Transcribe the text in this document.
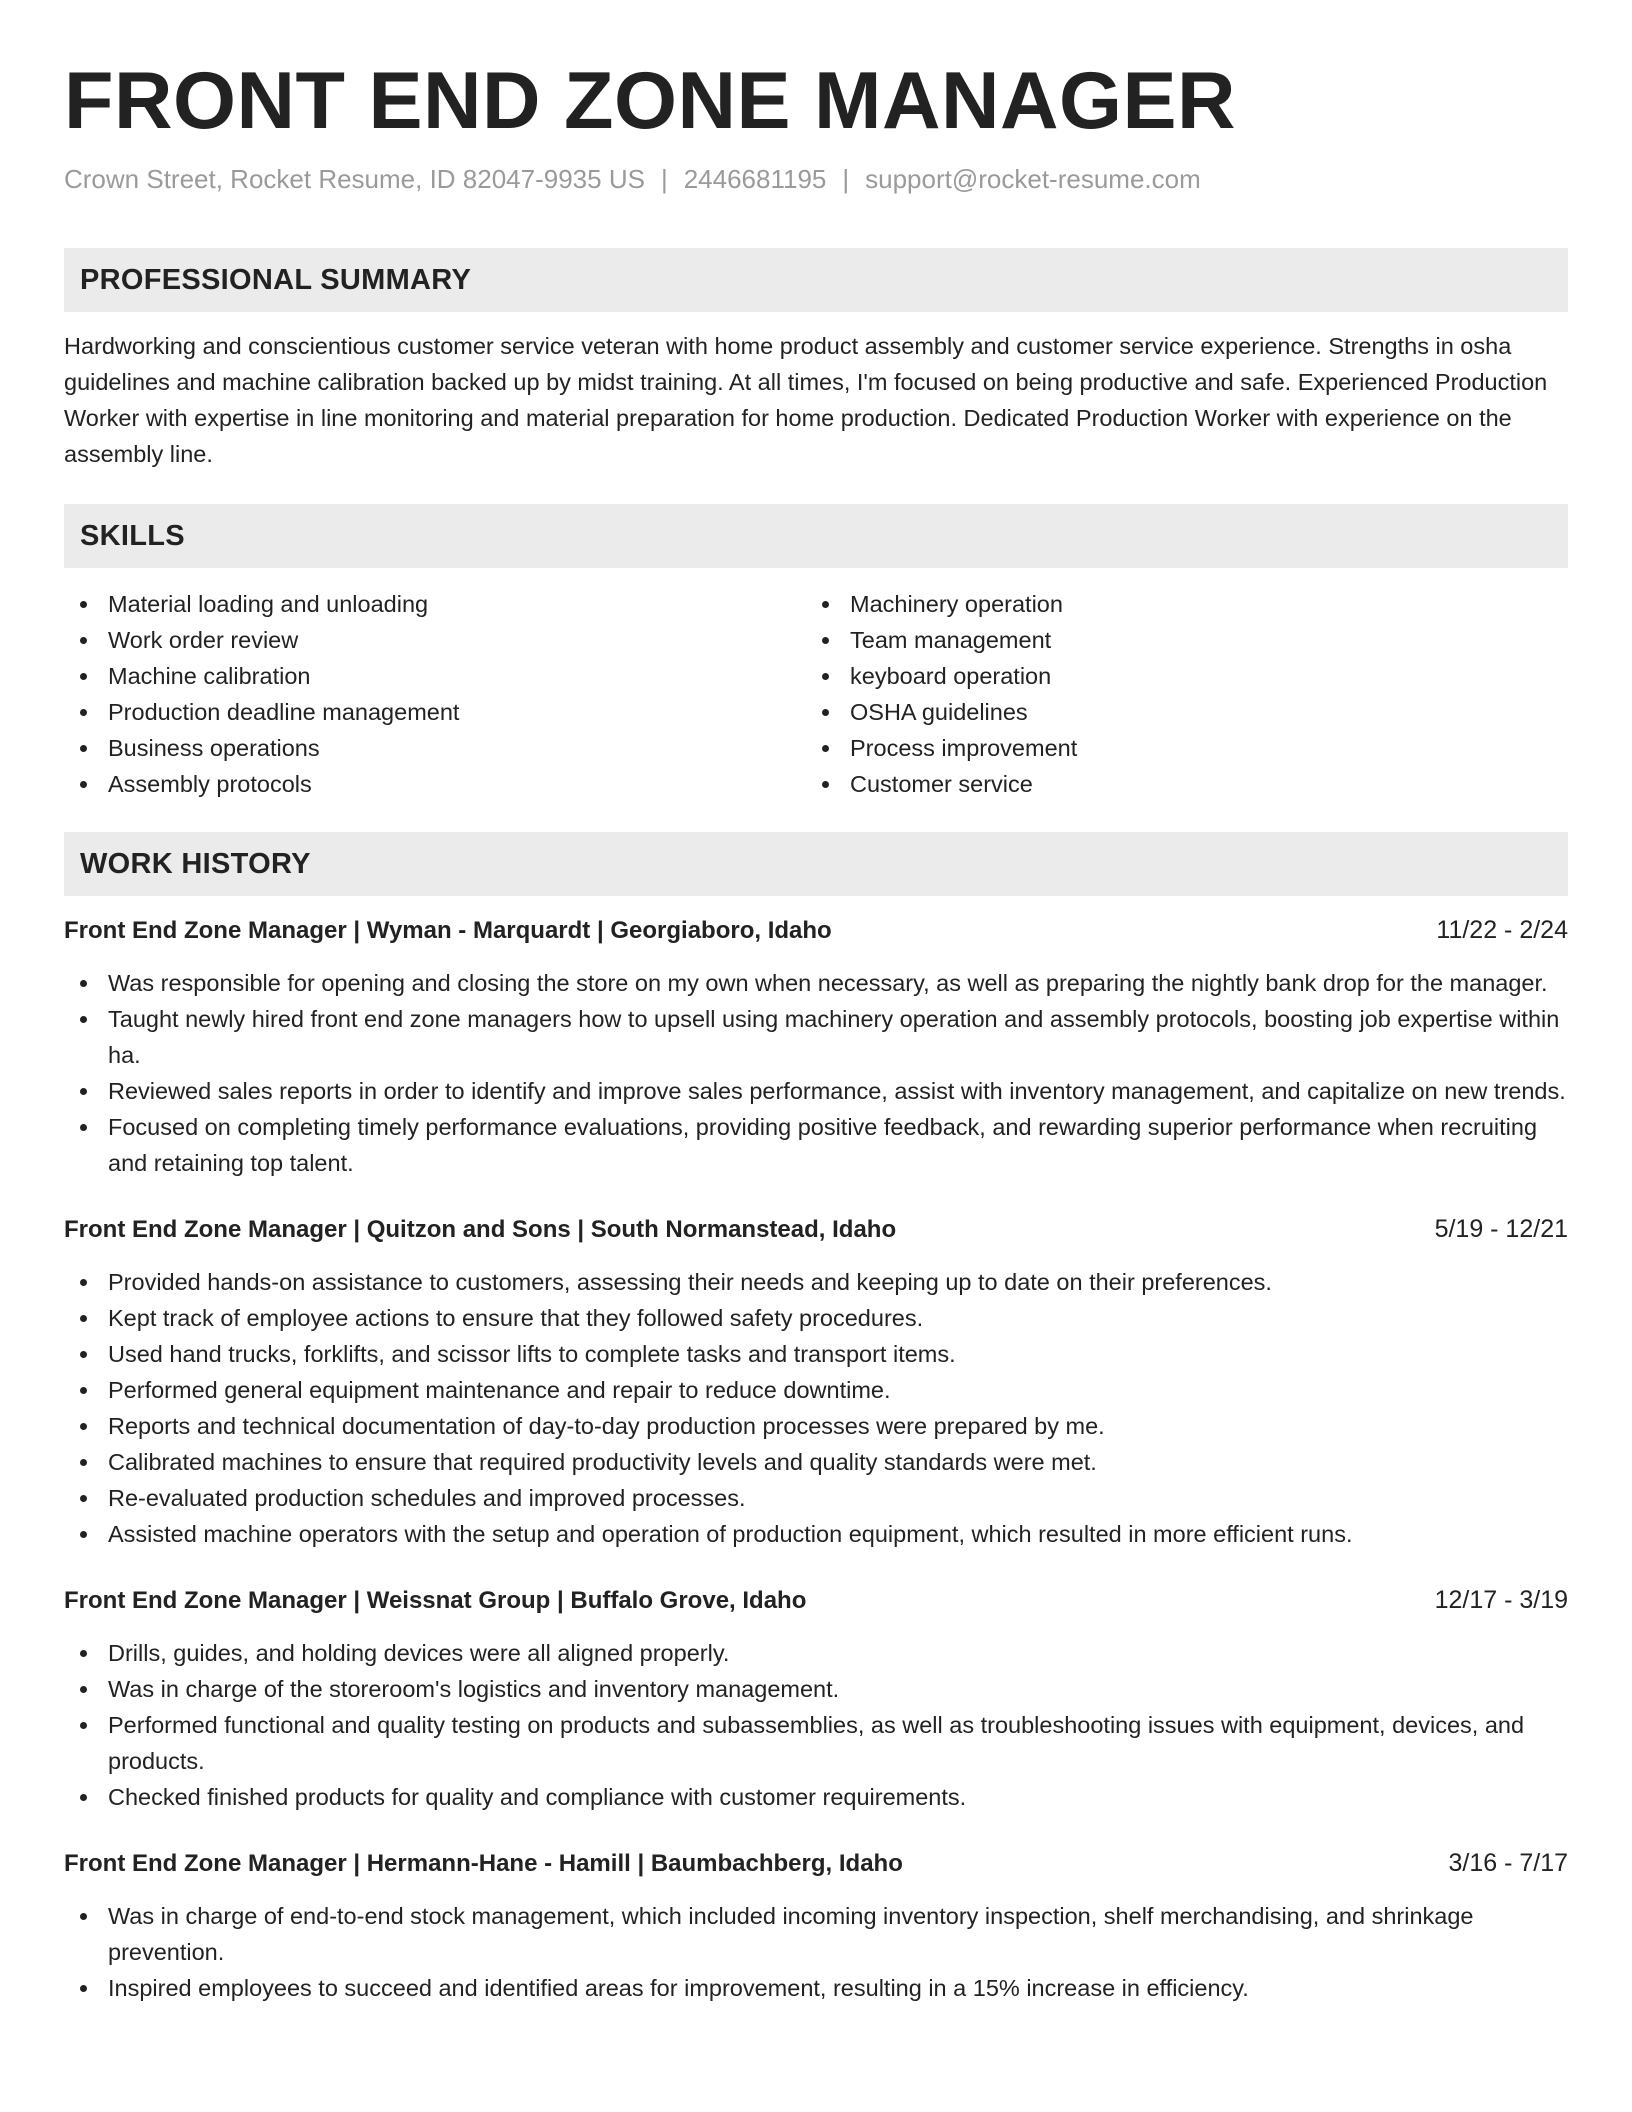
FRONT END ZONE MANAGER
Crown Street, Rocket Resume, ID 82047-9935 US | 2446681195 | support@rocket-resume.com
PROFESSIONAL SUMMARY
Hardworking and conscientious customer service veteran with home product assembly and customer service experience. Strengths in osha guidelines and machine calibration backed up by midst training. At all times, I'm focused on being productive and safe. Experienced Production Worker with expertise in line monitoring and material preparation for home production. Dedicated Production Worker with experience on the assembly line.
SKILLS
Material loading and unloading
Work order review
Machine calibration
Production deadline management
Business operations
Assembly protocols
Machinery operation
Team management
keyboard operation
OSHA guidelines
Process improvement
Customer service
WORK HISTORY
Front End Zone Manager | Wyman - Marquardt | Georgiaboro, Idaho	11/22 - 2/24
Was responsible for opening and closing the store on my own when necessary, as well as preparing the nightly bank drop for the manager.
Taught newly hired front end zone managers how to upsell using machinery operation and assembly protocols, boosting job expertise within ha.
Reviewed sales reports in order to identify and improve sales performance, assist with inventory management, and capitalize on new trends.
Focused on completing timely performance evaluations, providing positive feedback, and rewarding superior performance when recruiting and retaining top talent.
Front End Zone Manager | Quitzon and Sons | South Normanstead, Idaho	5/19 - 12/21
Provided hands-on assistance to customers, assessing their needs and keeping up to date on their preferences.
Kept track of employee actions to ensure that they followed safety procedures.
Used hand trucks, forklifts, and scissor lifts to complete tasks and transport items.
Performed general equipment maintenance and repair to reduce downtime.
Reports and technical documentation of day-to-day production processes were prepared by me.
Calibrated machines to ensure that required productivity levels and quality standards were met.
Re-evaluated production schedules and improved processes.
Assisted machine operators with the setup and operation of production equipment, which resulted in more efficient runs.
Front End Zone Manager | Weissnat Group | Buffalo Grove, Idaho	12/17 - 3/19
Drills, guides, and holding devices were all aligned properly.
Was in charge of the storeroom's logistics and inventory management.
Performed functional and quality testing on products and subassemblies, as well as troubleshooting issues with equipment, devices, and products.
Checked finished products for quality and compliance with customer requirements.
Front End Zone Manager | Hermann-Hane - Hamill | Baumbachberg, Idaho	3/16 - 7/17
Was in charge of end-to-end stock management, which included incoming inventory inspection, shelf merchandising, and shrinkage prevention.
Inspired employees to succeed and identified areas for improvement, resulting in a 15% increase in efficiency.
